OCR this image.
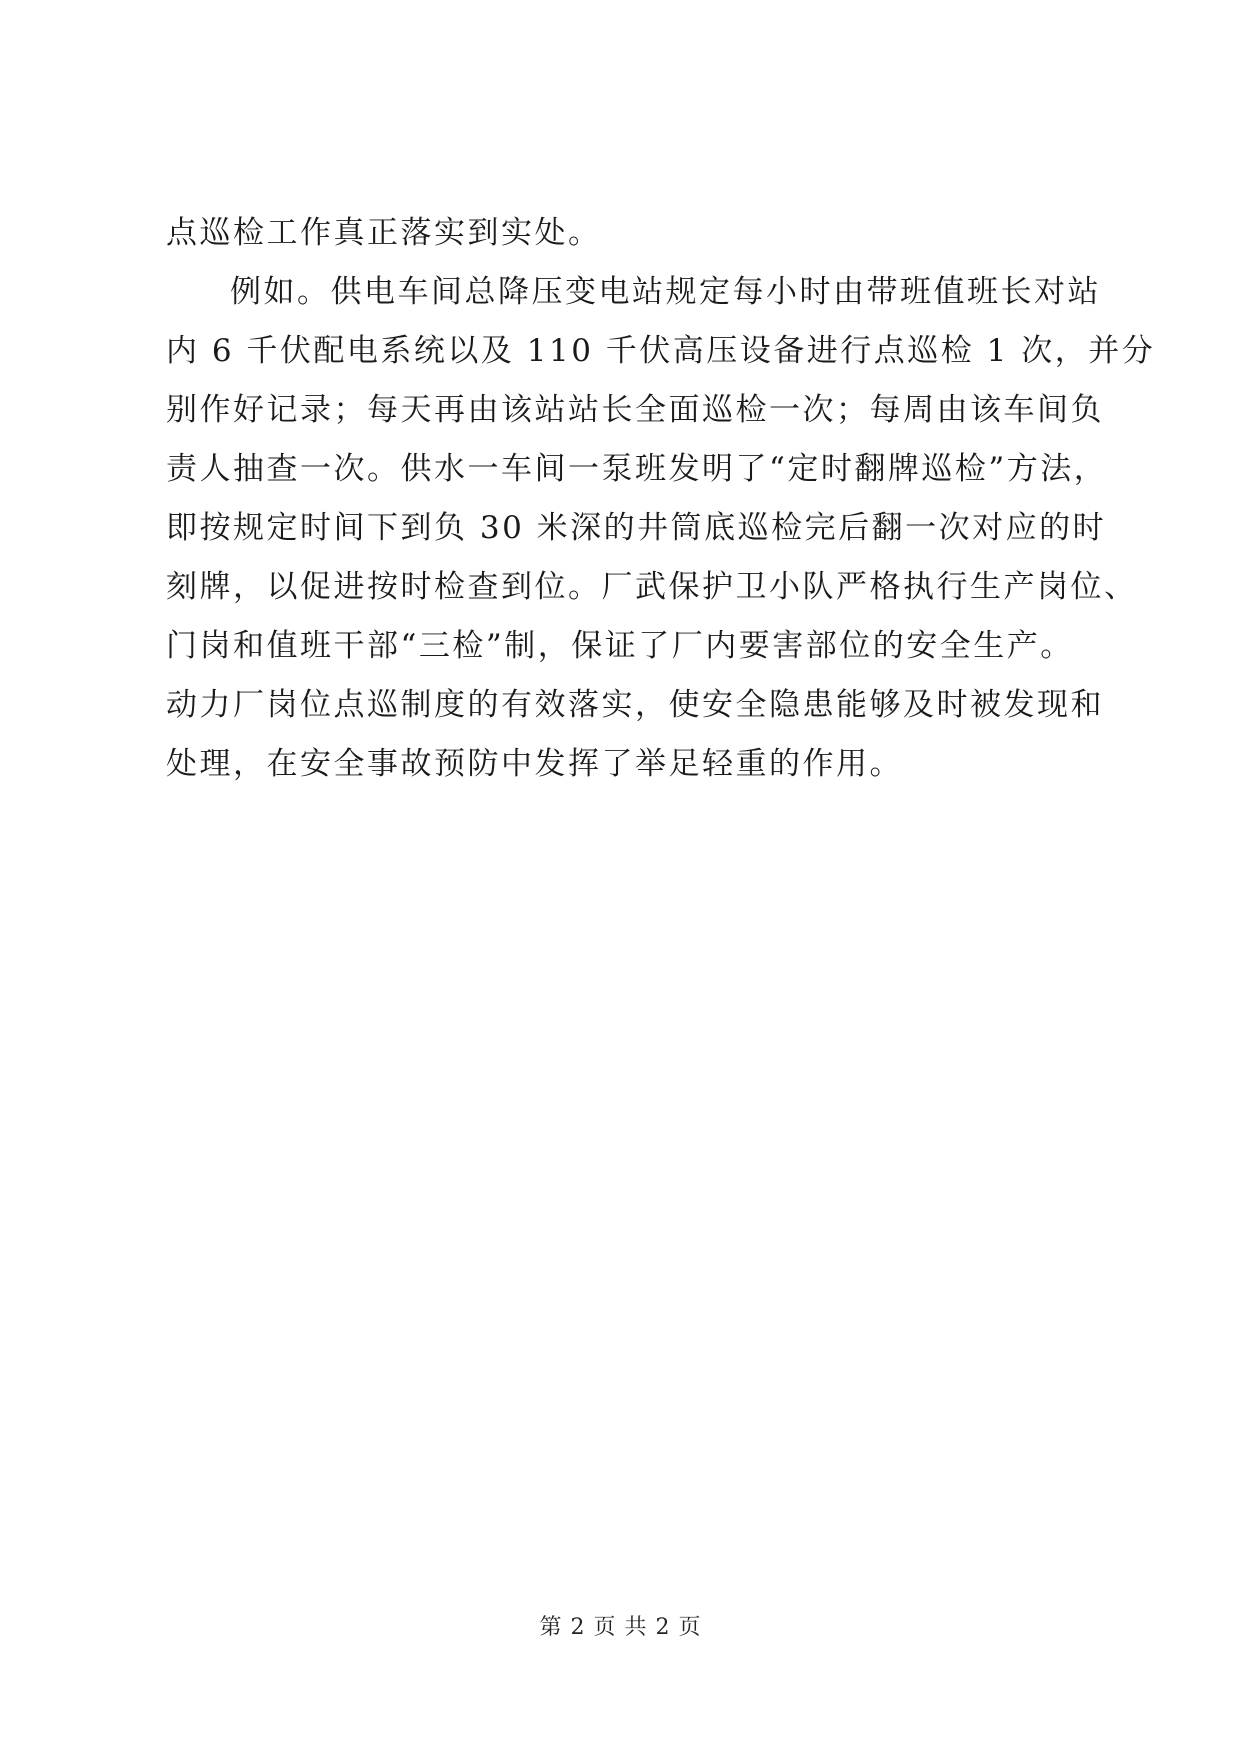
点巡检工作真正落实到实处。
例如。供电车间总降压变电站规定每小时由带班值班长对站
内 6 千伏配电系统以及 110 千伏高压设备进行点巡检 1 次，并分
别作好记录；每天再由该站站长全面巡检一次；每周由该车间负
责人抽查一次。供水一车间一泵班发明了“定时翻牌巡检”方法，
即按规定时间下到负 30 米深的井筒底巡检完后翻一次对应的时
刻牌，以促进按时检查到位。厂武保护卫小队严格执行生产岗位、
门岗和值班干部“三检”制，保证了厂内要害部位的安全生产。
动力厂岗位点巡制度的有效落实，使安全隐患能够及时被发现和
处理，在安全事故预防中发挥了举足轻重的作用。
第 2 页 共 2 页
